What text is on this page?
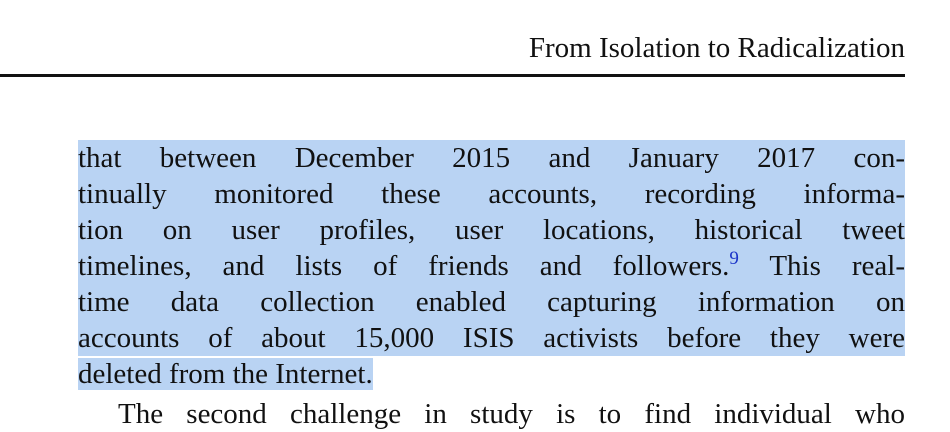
From Isolation to Radicalization
that between December 2015 and January 2017 con-
tinually monitored these accounts, recording informa-
tion on user profiles, user locations, historical tweet
timelines, and lists of friends and followers.$^9$ This real-
time data collection enabled capturing information on
accounts of about 15,000 ISIS activists before they were
deleted from the Internet.
The second challenge in study is to find individual who
